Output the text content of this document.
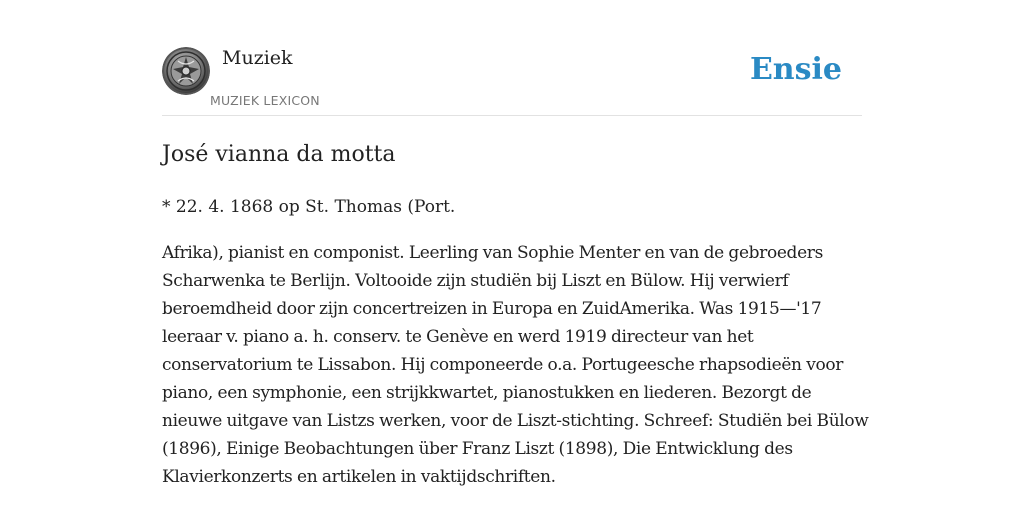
Muziek
MUZIEK LEXICON
Ensie
José vianna da motta

* 22. 4. 1868 op St. Thomas (Port.

Afrika), pianist en componist. Leerling van Sophie Menter en van de gebroeders Scharwenka te Berlijn. Voltooide zijn studiën bij Liszt en Bülow. Hij verwierf beroemdheid door zijn concertreizen in Europa en ZuidAmerika. Was 1915—'17 leeraar v. piano a. h. conserv. te Genève en werd 1919 directeur van het conservatorium te Lissabon. Hij componeerde o.a. Portugeesche rhapsodieën voor piano, een symphonie, een strijkkwartet, pianostukken en liederen. Bezorgt de nieuwe uitgave van Listzs werken, voor de Liszt-stichting. Schreef: Studiën bei Bülow (1896), Einige Beobachtungen über Franz Liszt (1898), Die Entwicklung des Klavierkonzerts en artikelen in vaktijdschriften.
